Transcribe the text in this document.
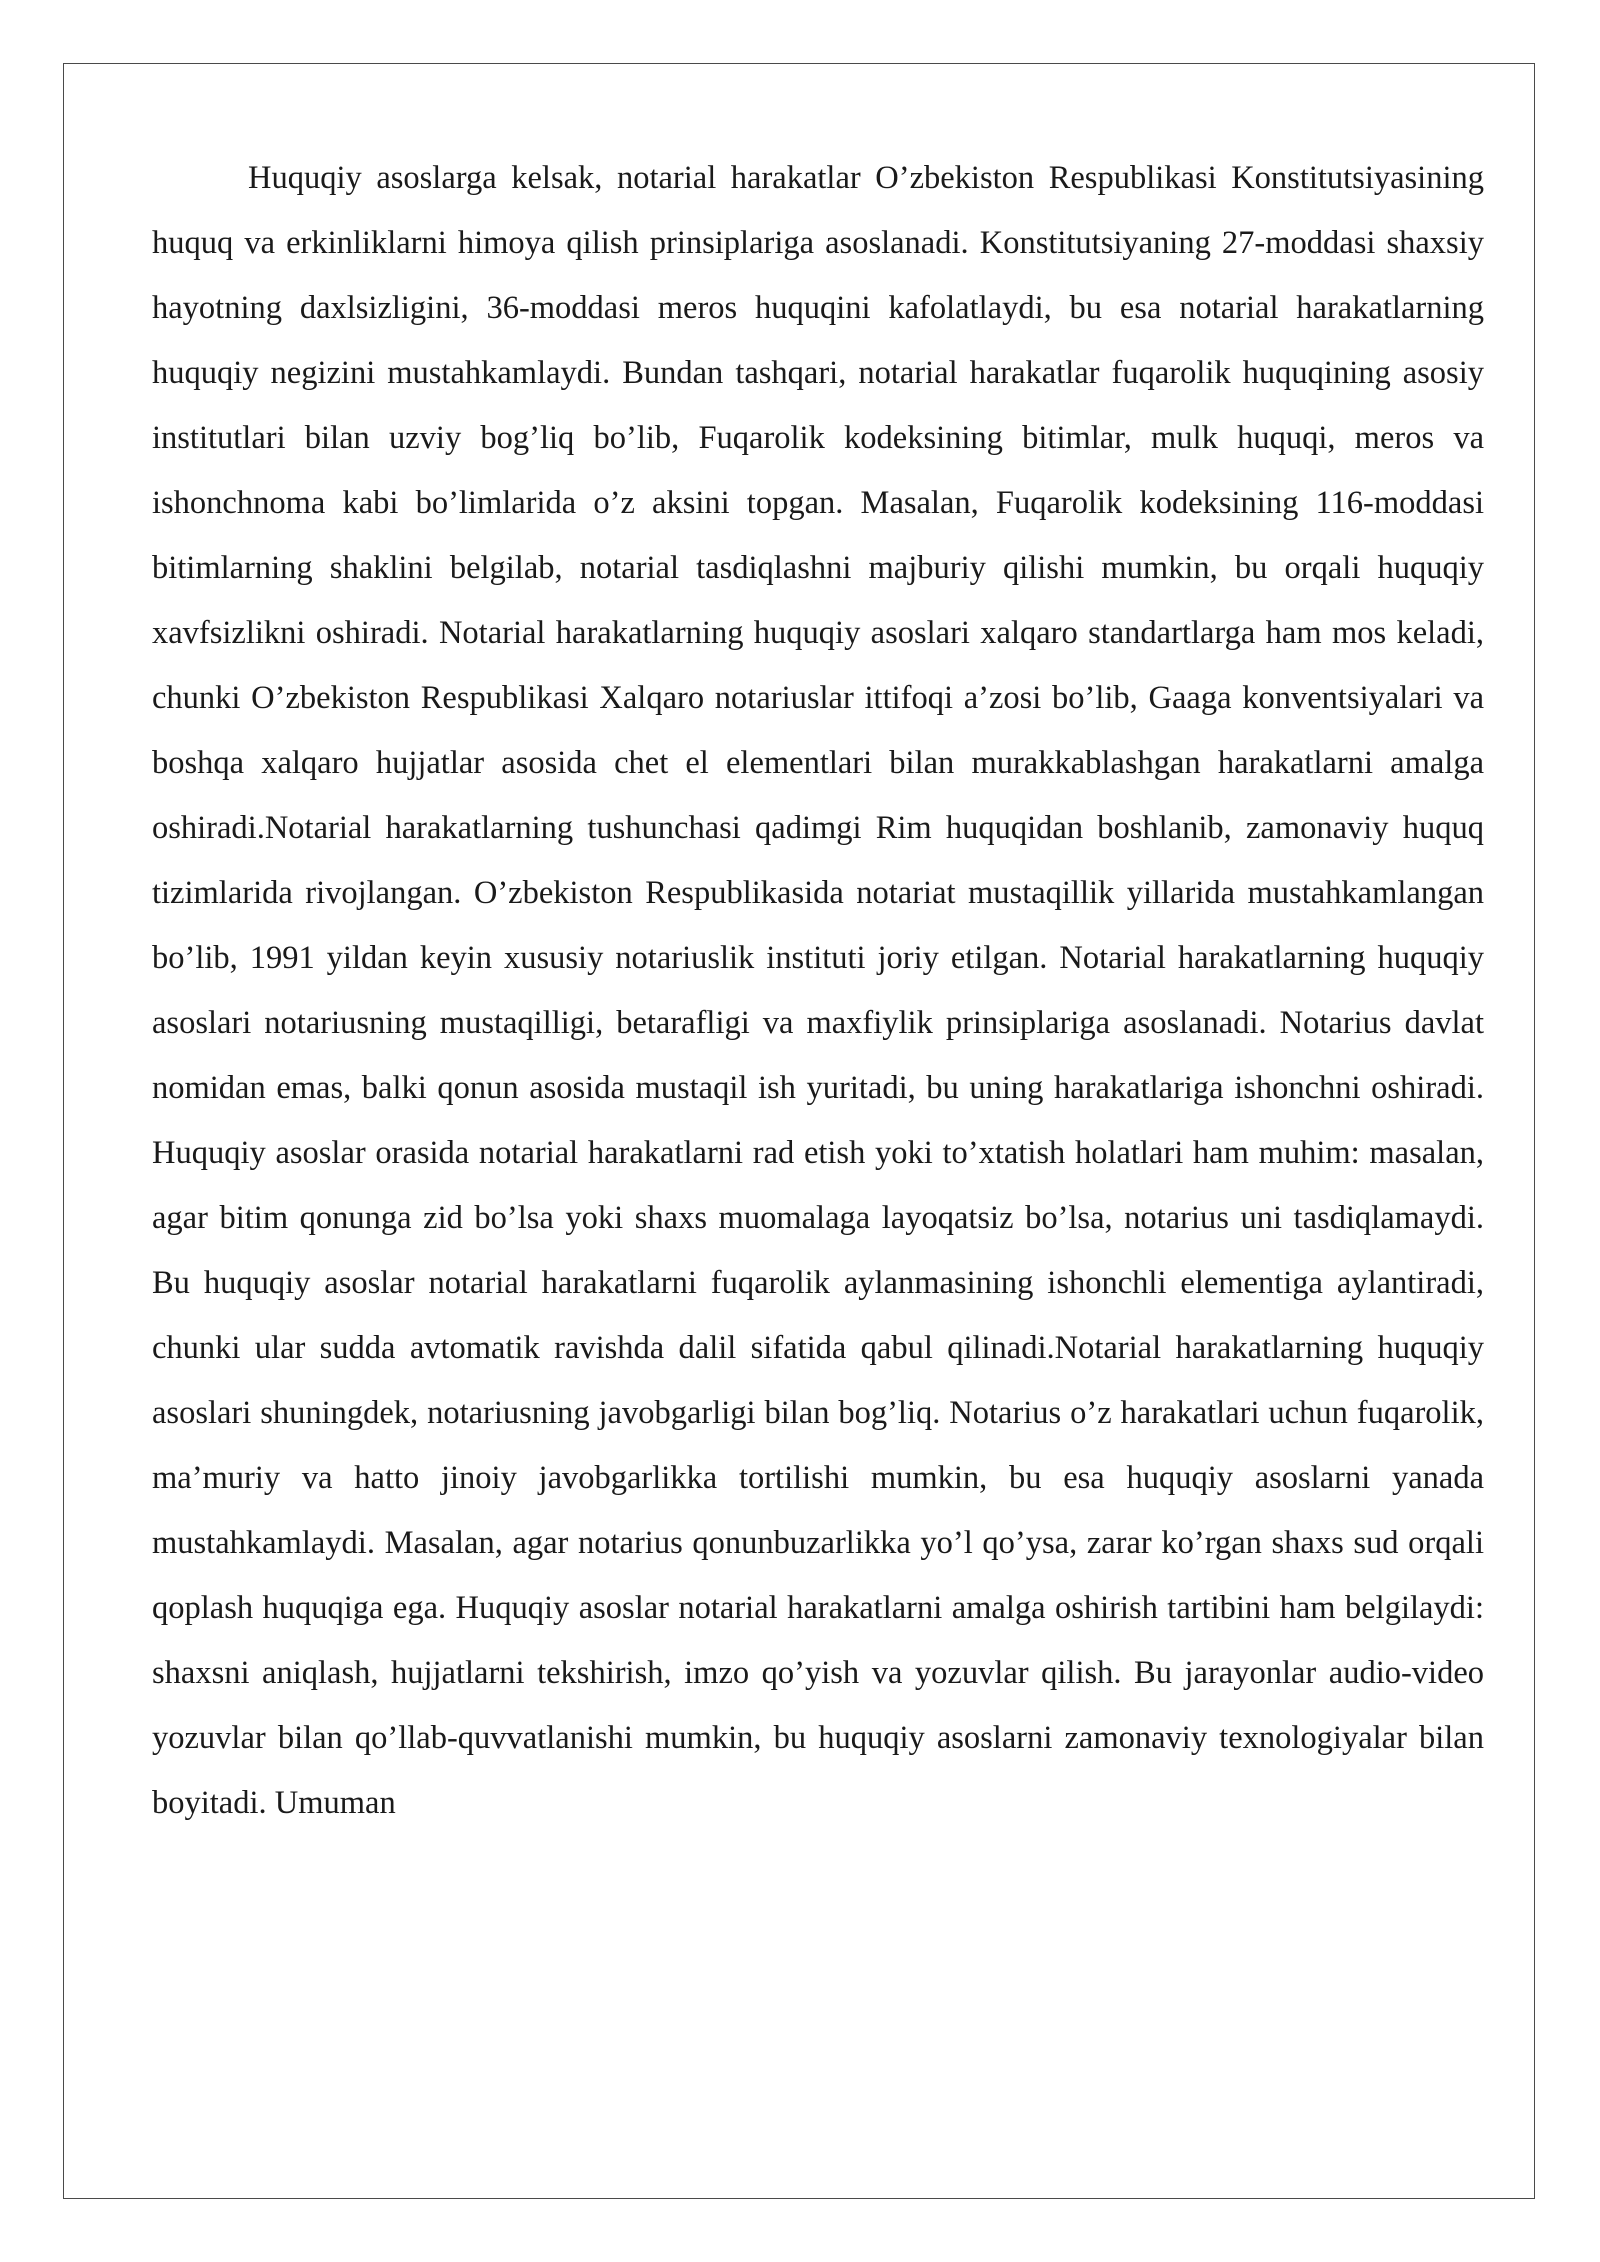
Huquqiy asoslarga kelsak, notarial harakatlar O’zbekiston Respublikasi Konstitutsiyasining huquq va erkinliklarni himoya qilish prinsiplariga asoslanadi. Konstitutsiyaning 27-moddasi shaxsiy hayotning daxlsizligini, 36-moddasi meros huquqini kafolatlaydi, bu esa notarial harakatlarning huquqiy negizini mustahkamlaydi. Bundan tashqari, notarial harakatlar fuqarolik huquqining asosiy institutlari bilan uzviy bog’liq bo’lib, Fuqarolik kodeksining bitimlar, mulk huquqi, meros va ishonchnoma kabi bo’limlarida o’z aksini topgan. Masalan, Fuqarolik kodeksining 116-moddasi bitimlarning shaklini belgilab, notarial tasdiqlashni majburiy qilishi mumkin, bu orqali huquqiy xavfsizlikni oshiradi. Notarial harakatlarning huquqiy asoslari xalqaro standartlarga ham mos keladi, chunki O’zbekiston Respublikasi Xalqaro notariuslar ittifoqi a’zosi bo’lib, Gaaga konventsiyalari va boshqa xalqaro hujjatlar asosida chet el elementlari bilan murakkablashgan harakatlarni amalga oshiradi.Notarial harakatlarning tushunchasi qadimgi Rim huquqidan boshlanib, zamonaviy huquq tizimlarida rivojlangan. O’zbekiston Respublikasida notariat mustaqillik yillarida mustahkamlangan bo’lib, 1991 yildan keyin xususiy notariuslik instituti joriy etilgan. Notarial harakatlarning huquqiy asoslari notariusning mustaqilligi, betarafligi va maxfiylik prinsiplariga asoslanadi. Notarius davlat nomidan emas, balki qonun asosida mustaqil ish yuritadi, bu uning harakatlariga ishonchni oshiradi. Huquqiy asoslar orasida notarial harakatlarni rad etish yoki to’xtatish holatlari ham muhim: masalan, agar bitim qonunga zid bo’lsa yoki shaxs muomalaga layoqatsiz bo’lsa, notarius uni tasdiqlamaydi. Bu huquqiy asoslar notarial harakatlarni fuqarolik aylanmasining ishonchli elementiga aylantiradi, chunki ular sudda avtomatik ravishda dalil sifatida qabul qilinadi.Notarial harakatlarning huquqiy asoslari shuningdek, notariusning javobgarligi bilan bog’liq. Notarius o’z harakatlari uchun fuqarolik, ma’muriy va hatto jinoiy javobgarlikka tortilishi mumkin, bu esa huquqiy asoslarni yanada mustahkamlaydi. Masalan, agar notarius qonunbuzarlikka yo’l qo’ysa, zarar ko’rgan shaxs sud orqali qoplash huquqiga ega. Huquqiy asoslar notarial harakatlarni amalga oshirish tartibini ham belgilaydi: shaxsni aniqlash, hujjatlarni tekshirish, imzo qo’yish va yozuvlar qilish. Bu jarayonlar audio-video yozuvlar bilan qo’llab-quvvatlanishi mumkin, bu huquqiy asoslarni zamonaviy texnologiyalar bilan boyitadi. Umuman
